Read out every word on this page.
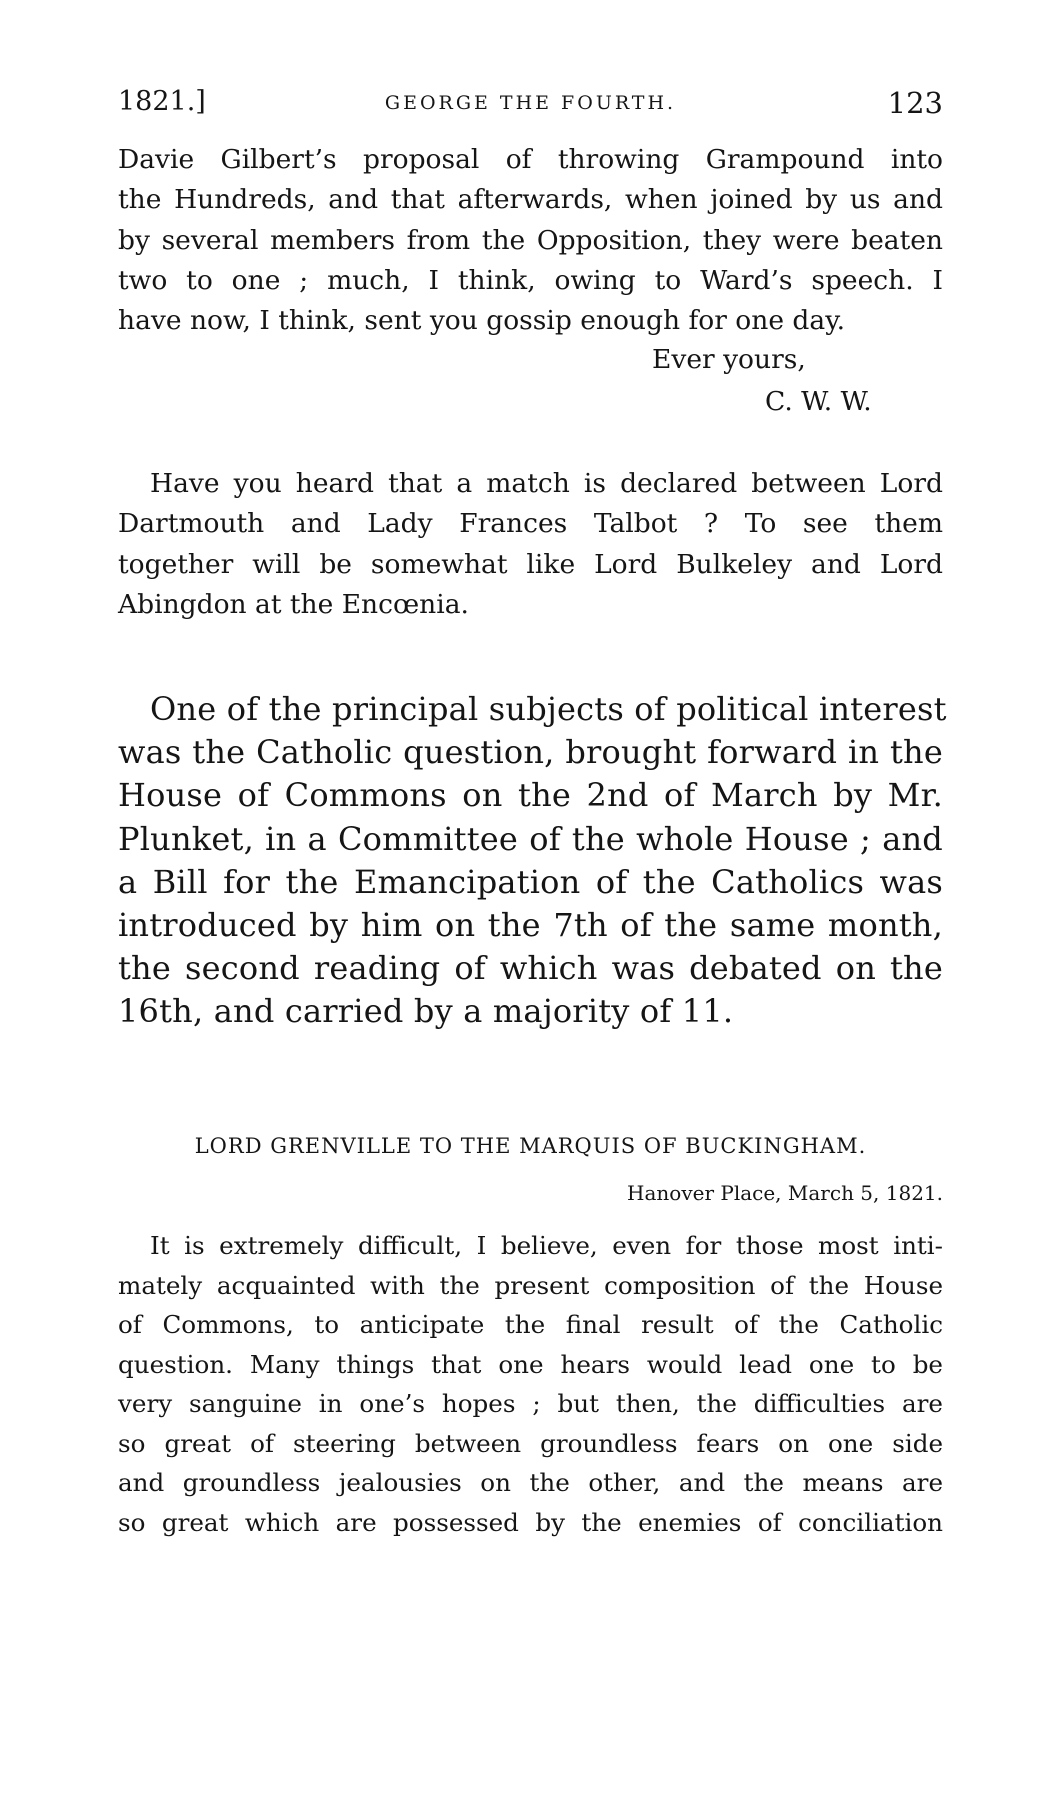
1821.]	GEORGE THE FOURTH.	123

Davie Gilbert’s proposal of throwing Grampound into
the Hundreds, and that afterwards, when joined by us and
by several members from the Opposition, they were beaten
two to one ; much, I think, owing to Ward’s speech. I
have now, I think, sent you gossip enough for one day.

Ever yours,
C. W. W.

Have you heard that a match is declared between Lord
Dartmouth and Lady Frances Talbot ? To see them
together will be somewhat like Lord Bulkeley and Lord
Abingdon at the Encœnia.

One of the principal subjects of political interest
was the Catholic question, brought forward in the
House of Commons on the 2nd of March by Mr.
Plunket, in a Committee of the whole House ; and
a Bill for the Emancipation of the Catholics was
introduced by him on the 7th of the same month,
the second reading of which was debated on the
16th, and carried by a majority of 11.

LORD GRENVILLE TO THE MARQUIS OF BUCKINGHAM.
Hanover Place, March 5, 1821.

It is extremely difficult, I believe, even for those most inti-
mately acquainted with the present composition of the House
of Commons, to anticipate the final result of the Catholic
question. Many things that one hears would lead one to be
very sanguine in one’s hopes ; but then, the difficulties are
so great of steering between groundless fears on one side
and groundless jealousies on the other, and the means are
so great which are possessed by the enemies of conciliation
